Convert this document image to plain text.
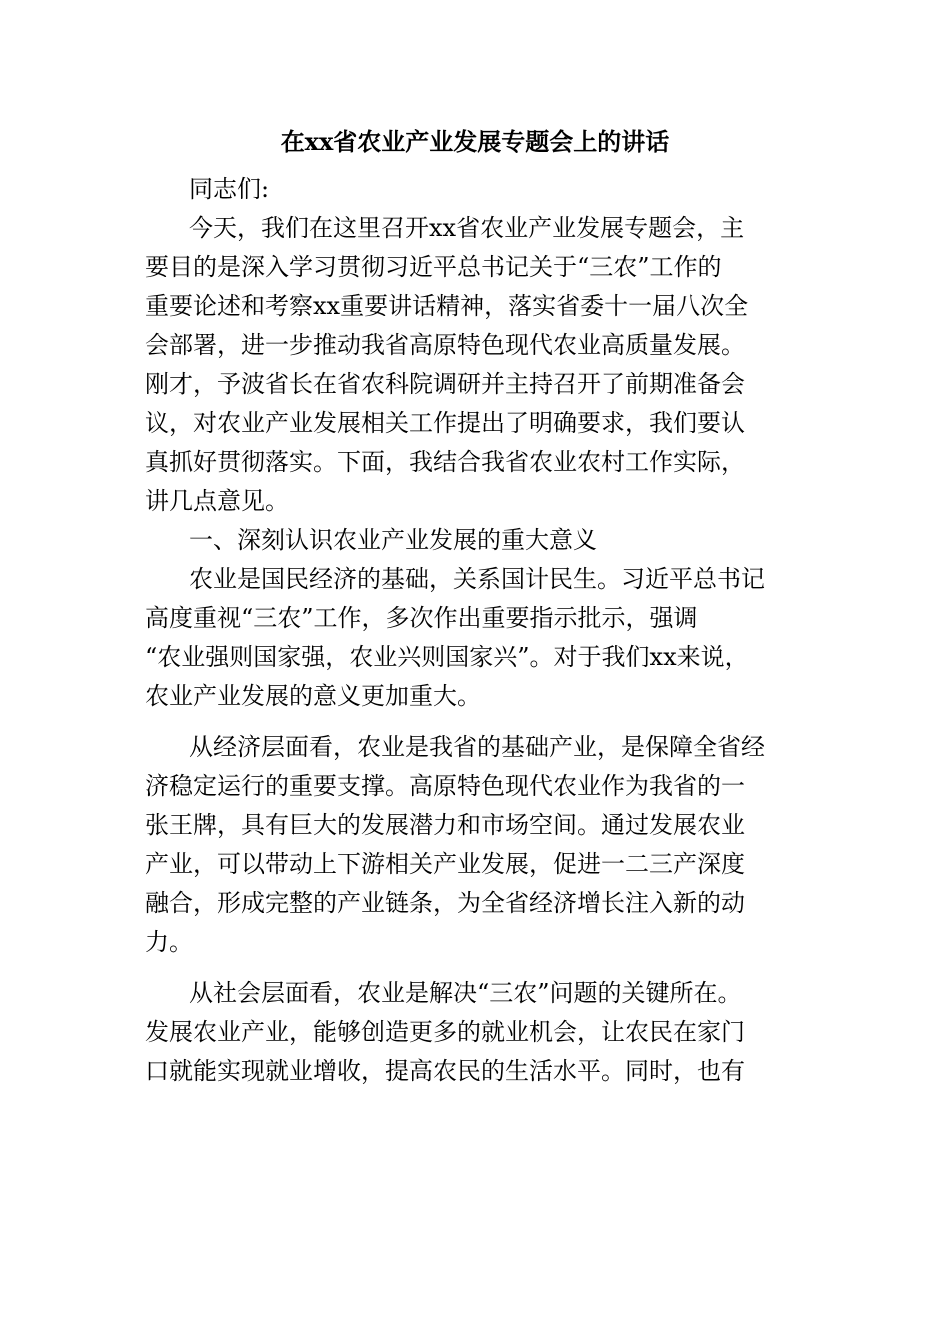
在xx省农业产业发展专题会上的讲话
同志们:
今天，我们在这里召开xx省农业产业发展专题会，主
要目的是深入学习贯彻习近平总书记关于“三农”工作的
重要论述和考察xx重要讲话精神，落实省委十一届八次全
会部署，进一步推动我省高原特色现代农业高质量发展。
刚才，予波省长在省农科院调研并主持召开了前期准备会
议，对农业产业发展相关工作提出了明确要求，我们要认
真抓好贯彻落实。下面，我结合我省农业农村工作实际，
讲几点意见。
一、深刻认识农业产业发展的重大意义
农业是国民经济的基础，关系国计民生。习近平总书记
高度重视“三农”工作，多次作出重要指示批示，强调
“农业强则国家强，农业兴则国家兴”。对于我们xx来说，
农业产业发展的意义更加重大。
从经济层面看，农业是我省的基础产业，是保障全省经
济稳定运行的重要支撑。高原特色现代农业作为我省的一
张王牌，具有巨大的发展潜力和市场空间。通过发展农业
产业，可以带动上下游相关产业发展，促进一二三产深度
融合，形成完整的产业链条，为全省经济增长注入新的动
力。
从社会层面看，农业是解决“三农”问题的关键所在。
发展农业产业，能够创造更多的就业机会，让农民在家门
口就能实现就业增收，提高农民的生活水平。同时，也有
